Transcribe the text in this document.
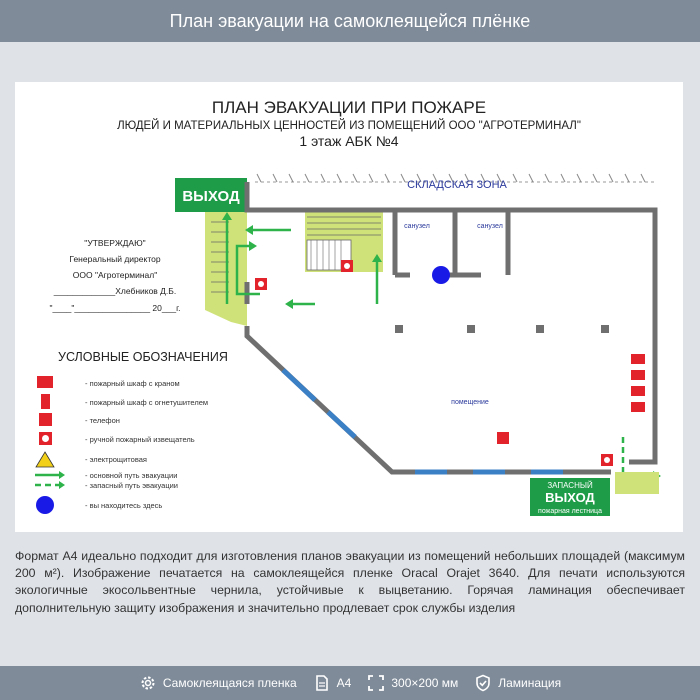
План эвакуации на самоклеящейся плёнке
ПЛАН ЭВАКУАЦИИ ПРИ ПОЖАРЕ
ЛЮДЕЙ И МАТЕРИАЛЬНЫХ ЦЕННОСТЕЙ ИЗ ПОМЕЩЕНИЙ ООО "АГРОТЕРМИНАЛ"
1 этаж АБК №4
"УТВЕРЖДАЮ"
Генеральный директор
ООО "Агротерминал"
_____________Хлебников Д.Б.
"____"________________ 20___г.
УСЛОВНЫЕ ОБОЗНАЧЕНИЯ
- пожарный шкаф с краном
- пожарный шкаф с огнетушителем
- телефон
- ручной пожарный извещатель
- электрощитовая
- основной путь эвакуации
- запасный путь эвакуации
- вы находитесь здесь
ВЫХОД
СКЛАДСКАЯ ЗОНА
санузел	санузел
помещение
ЗАПАСНЫЙ
ВЫХОД
пожарная лестница
Формат А4 идеально подходит для изготовления планов эвакуации из помещений небольших площадей (максимум 200 м²). Изображение печатается на самоклеящейся пленке Oracal Orajet 3640. Для печати используются экологичные экосольвентные чернила, устойчивые к выцветанию. Горячая ламинация обеспечивает дополнительную защиту изображения и значительно продлевает срок службы изделия
Самоклеящаяся пленка	А4	300×200 мм	Ламинация
